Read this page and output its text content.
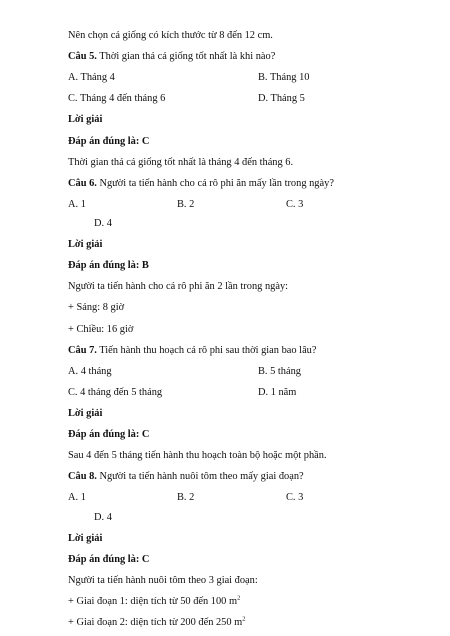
Nên chọn cá giống có kích thước từ 8 đến 12 cm.
Câu 5. Thời gian thả cá giống tốt nhất là khi nào?
A. Tháng 4	B. Tháng 10
C. Tháng 4 đến tháng 6	D. Tháng 5
Lời giải
Đáp án đúng là: C
Thời gian thả cá giống tốt nhất là tháng 4 đến tháng 6.
Câu 6. Người ta tiến hành cho cá rô phi ăn mấy lần trong ngày?
A. 1	B. 2	C. 3
D. 4
Lời giải
Đáp án đúng là: B
Người ta tiến hành cho cá rô phi ăn 2 lần trong ngày:
+ Sáng: 8 giờ
+ Chiều: 16 giờ
Câu 7. Tiến hành thu hoạch cá rô phi sau thời gian bao lâu?
A. 4 tháng	B. 5 tháng
C. 4 tháng đến 5 tháng	D. 1 năm
Lời giải
Đáp án đúng là: C
Sau 4 đến 5 tháng tiến hành thu hoạch toàn bộ hoặc một phần.
Câu 8. Người ta tiến hành nuôi tôm theo mấy giai đoạn?
A. 1	B. 2	C. 3
D. 4
Lời giải
Đáp án đúng là: C
Người ta tiến hành nuôi tôm theo 3 giai đoạn:
+ Giai đoạn 1: diện tích từ 50 đến 100 $m^2$
+ Giai đoạn 2: diện tích từ 200 đến 250 $m^2$
